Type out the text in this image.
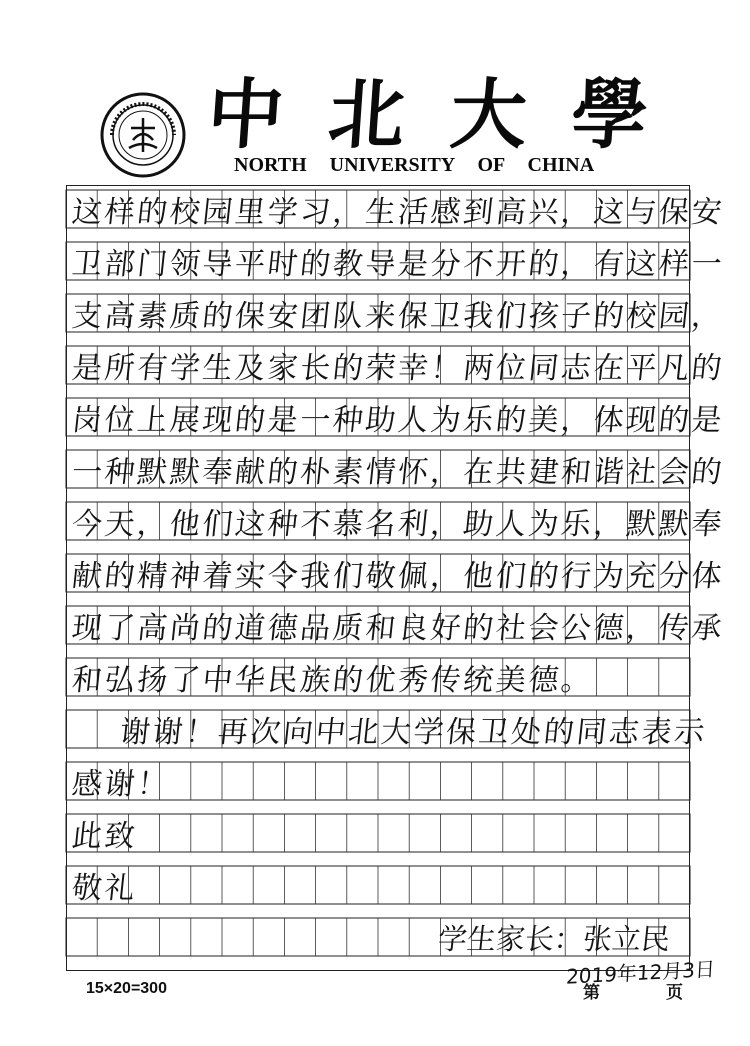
中 北 大 學
NORTH UNIVERSITY OF CHINA
这样的校园里学习，生活感到高兴，这与保安
卫部门领导平时的教导是分不开的，有这样一
支高素质的保安团队来保卫我们孩子的校园，
是所有学生及家长的荣幸！两位同志在平凡的
岗位上展现的是一种助人为乐的美，体现的是
一种默默奉献的朴素情怀，在共建和谐社会的
今天，他们这种不慕名利，助人为乐，默默奉
献的精神着实令我们敬佩，他们的行为充分体
现了高尚的道德品质和良好的社会公德，传承
和弘扬了中华民族的优秀传统美德。
谢谢！再次向中北大学保卫处的同志表示
感谢！
此致
敬礼
学生家长：张立民
2019年12月3日
15×20=300	第	页
